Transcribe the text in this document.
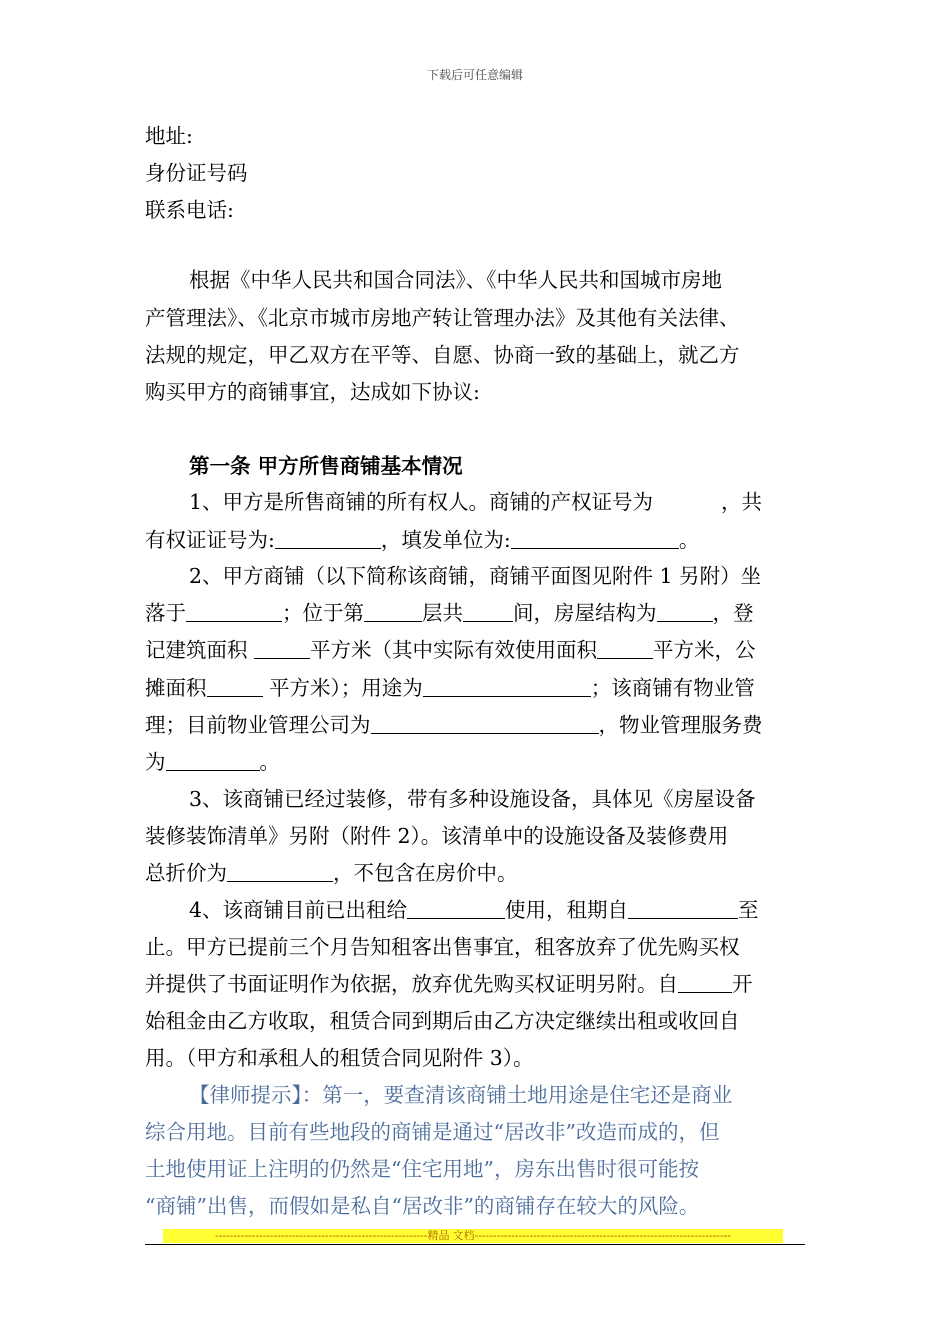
下载后可任意编辑
地址:
身份证号码
联系电话:
根据《中华人民共和国合同法》、《中华人民共和国城市房地
产管理法》、《北京市城市房地产转让管理办法》及其他有关法律、
法规的规定，甲乙双方在平等、自愿、协商一致的基础上，就乙方
购买甲方的商铺事宜，达成如下协议:
第一条 甲方所售商铺基本情况
1、甲方是所售商铺的所有权人。商铺的产权证号为	，共
有权证证号为:	，填发单位为:	。
2、甲方商铺（以下简称该商铺，商铺平面图见附件 1 另附）坐
落于	；位于第	层共 间，房屋结构为	，登
记建筑面积	平方米（其中实际有效使用面积	平方米，公
摊面积	平方米）；用途为	；该商铺有物业管
理；目前物业管理公司为	，物业管理服务费
为	。
3、该商铺已经过装修，带有多种设施设备，具体见《房屋设备
装修装饰清单》另附（附件 2）。该清单中的设施设备及装修费用
总折价为	，不包含在房价中。
4、该商铺目前已出租给	使用，租期自	至
止。甲方已提前三个月告知租客出售事宜，租客放弃了优先购买权
并提供了书面证明作为依据，放弃优先购买权证明另附。自	开
始租金由乙方收取，租赁合同到期后由乙方决定继续出租或收回自
用。（甲方和承租人的租赁合同见附件 3）。
【律师提示】：第一，要查清该商铺土地用途是住宅还是商业
综合用地。目前有些地段的商铺是通过“居改非”改造而成的，但
土地使用证上注明的仍然是“住宅用地”，房东出售时很可能按
“商铺”出售，而假如是私自“居改非”的商铺存在较大的风险。
----------------------------------------------------------精品 文档----------------------------------------------------------------------
